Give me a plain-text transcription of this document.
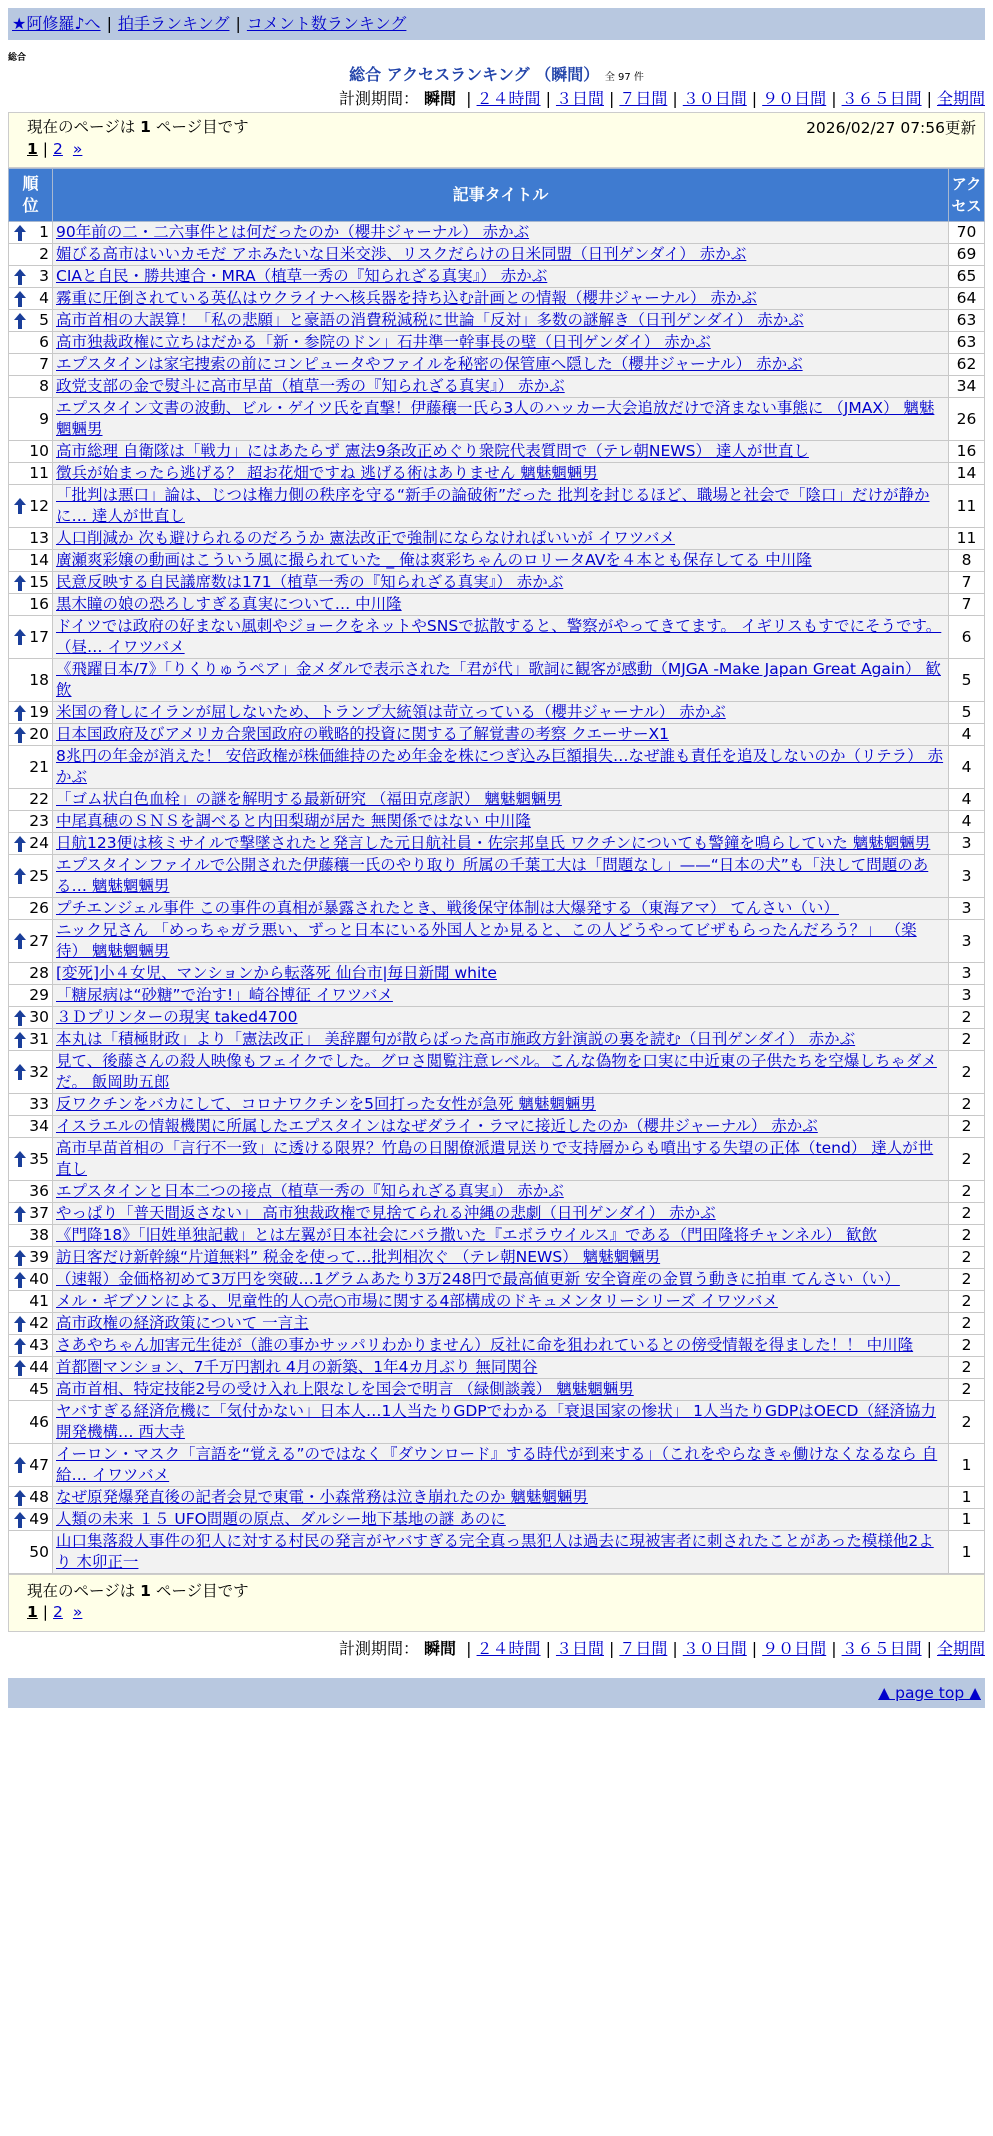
★阿修羅♪へ | 拍手ランキング | コメント数ランキング
総合
総合 アクセスランキング （瞬間） 全 97 件
計測期間： 瞬間 | ２４時間 | ３日間 | ７日間 | ３０日間 | ９０日間 | ３６５日間 | 全期間
現在のページは 1 ページ目です	2026/02/27 07:56更新
1 | 2 »
順位	記事タイトル	アクセス

1	90年前の二・二六事件とは何だったのか（櫻井ジャーナル） 赤かぶ	70
2	媚びる高市はいいカモだ アホみたいな日米交渉、リスクだらけの日米同盟（日刊ゲンダイ） 赤かぶ	69

3	CIAと自民・勝共連合・MRA（植草一秀の『知られざる真実』） 赤かぶ	65

4	霧重に圧倒されている英仏はウクライナへ核兵器を持ち込む計画との情報（櫻井ジャーナル） 赤かぶ	64

5	高市首相の大誤算！「私の悲願」と豪語の消費税減税に世論「反対」多数の謎解き（日刊ゲンダイ） 赤かぶ	63
6	高市独裁政権に立ちはだかる「新・参院のドン」石井準一幹事長の壁（日刊ゲンダイ） 赤かぶ	63
7	エプスタインは家宅捜索の前にコンピュータやファイルを秘密の保管庫へ隠した（櫻井ジャーナル） 赤かぶ	62
8	政党支部の金で熨斗に高市早苗（植草一秀の『知られざる真実』） 赤かぶ	34
9	エプスタイン文書の波動、ビル・ゲイツ氏を直撃！伊藤穰一氏ら3人のハッカー大会追放だけで済まない事態に （JMAX） 魑魅魍魎男	26
10	高市総理 自衛隊は「戦力」にはあたらず 憲法9条改正めぐり衆院代表質問で（テレ朝NEWS） 達人が世直し	16
11	徴兵が始まったら逃げる？ 超お花畑ですね 逃げる術はありません 魑魅魍魎男	14

12	「批判は悪口」論は、じつは権力側の秩序を守る“新手の論破術”だった 批判を封じるほど、職場と社会で「陰口」だけが静かに… 達人が世直し	11
13	人口削減か 次も避けられるのだろうか 憲法改正で強制にならなければいいが イワツバメ	11
14	廣瀬爽彩嬢の動画はこういう風に撮られていた _ 俺は爽彩ちゃんのロリータAVを４本とも保存してる 中川隆	8

15	民意反映する自民議席数は171（植草一秀の『知られざる真実』） 赤かぶ	7
16	黒木瞳の娘の恐ろしすぎる真実について… 中川隆	7

17	ドイツでは政府の好まない風刺やジョークをネットやSNSで拡散すると、警察がやってきてます。 イギリスもすでにそうです。（昼… イワツバメ	6
18	《飛躍日本/7》「りくりゅうペア」金メダルで表示された「君が代」歌詞に観客が感動（MJGA -Make Japan Great Again） 歓飲	5

19	米国の脅しにイランが屈しないため、トランプ大統領は苛立っている（櫻井ジャーナル） 赤かぶ	5

20	日本国政府及びアメリカ合衆国政府の戦略的投資に関する了解覚書の考察 クエーサーX1	4
21	8兆円の年金が消えた！ 安倍政権が株価維持のため年金を株につぎ込み巨額損失…なぜ誰も責任を追及しないのか（リテラ） 赤かぶ	4
22	「ゴム状白色血栓」の謎を解明する最新研究 （福田克彦訳） 魑魅魍魎男	4
23	中尾真穂のＳＮＳを調べると内田梨瑚が居た 無関係ではない 中川隆	4

24	日航123便は核ミサイルで撃墜されたと発言した元日航社員・佐宗邦皇氏 ワクチンについても警鐘を鳴らしていた 魑魅魍魎男	3

25	エプスタインファイルで公開された伊藤穰一氏のやり取り 所属の千葉工大は「問題なし」——“日本の犬”も「決して問題のある… 魑魅魍魎男	3
26	プチエンジェル事件 この事件の真相が暴露されたとき、戦後保守体制は大爆発する（東海アマ） てんさい（い）	3

27	ニック兄さん 「めっちゃガラ悪い、ずっと日本にいる外国人とか見ると、この人どうやってビザもらったんだろう？」 （楽待） 魑魅魍魎男	3
28	[変死]小４女児、マンションから転落死 仙台市|毎日新聞 white	3
29	「糖尿病は“砂糖”で治す!」崎谷博征 イワツバメ	3

30	３Ｄプリンターの現実 taked4700	2

31	本丸は「積極財政」より「憲法改正」 美辞麗句が散らばった高市施政方針演説の裏を読む（日刊ゲンダイ） 赤かぶ	2

32	見て、後藤さんの殺人映像もフェイクでした。グロさ閲覧注意レベル。こんな偽物を口実に中近東の子供たちを空爆しちゃダメだ。 飯岡助五郎	2
33	反ワクチンをバカにして、コロナワクチンを5回打った女性が急死 魑魅魍魎男	2
34	イスラエルの情報機関に所属したエプスタインはなぜダライ・ラマに接近したのか（櫻井ジャーナル） 赤かぶ	2

35	高市早苗首相の「言行不一致」に透ける限界？竹島の日閣僚派遣見送りで支持層からも噴出する失望の正体（tend） 達人が世直し	2
36	エプスタインと日本二つの接点（植草一秀の『知られざる真実』） 赤かぶ	2

37	やっぱり「普天間返さない」 高市独裁政権で見捨てられる沖縄の悲劇（日刊ゲンダイ） 赤かぶ	2
38	《門降18》「旧姓単独記載」とは左翼が日本社会にバラ撒いた『エボラウイルス』である（門田隆将チャンネル） 歓飲	2

39	訪日客だけ新幹線“片道無料” 税金を使って…批判相次ぐ （テレ朝NEWS） 魑魅魍魎男	2

40	（速報）金価格初めて3万円を突破…1グラムあたり3万248円で最高値更新 安全資産の金買う動きに拍車 てんさい（い）	2
41	メル・ギブソンによる、児童性的人○売○市場に関する4部構成のドキュメンタリーシリーズ イワツバメ	2

42	高市政権の経済政策について 一言主	2

43	さあやちゃん加害元生徒が（誰の事かサッパリわかりません）反社に命を狙われているとの傍受情報を得ました！！ 中川隆	2

44	首都圏マンション、7千万円割れ 4月の新築、1年4カ月ぶり 無同関谷	2
45	高市首相、特定技能2号の受け入れ上限なしを国会で明言 （緑側談義） 魑魅魍魎男	2
46	ヤバすぎる経済危機に「気付かない」日本人…1人当たりGDPでわかる「衰退国家の惨状」 1人当たりGDPはOECD（経済協力開発機構… 西大寺	2

47	イーロン・マスク「言語を“覚える”のではなく『ダウンロード』する時代が到来する」（これをやらなきゃ働けなくなるなら 自給… イワツバメ	1

48	なぜ原発爆発直後の記者会見で東電・小森常務は泣き崩れたのか 魑魅魍魎男	1

49	人類の未来 １５ UFO問題の原点、ダルシー地下基地の謎 あのに	1
50	山口集落殺人事件の犯人に対する村民の発言がヤバすぎる完全真っ黒犯人は過去に現被害者に刺されたことがあった模様他2より 木卯正一	1
現在のページは 1 ページ目です
1 | 2 »
計測期間： 瞬間 | ２４時間 | ３日間 | ７日間 | ３０日間 | ９０日間 | ３６５日間 | 全期間
▲ page top ▲
